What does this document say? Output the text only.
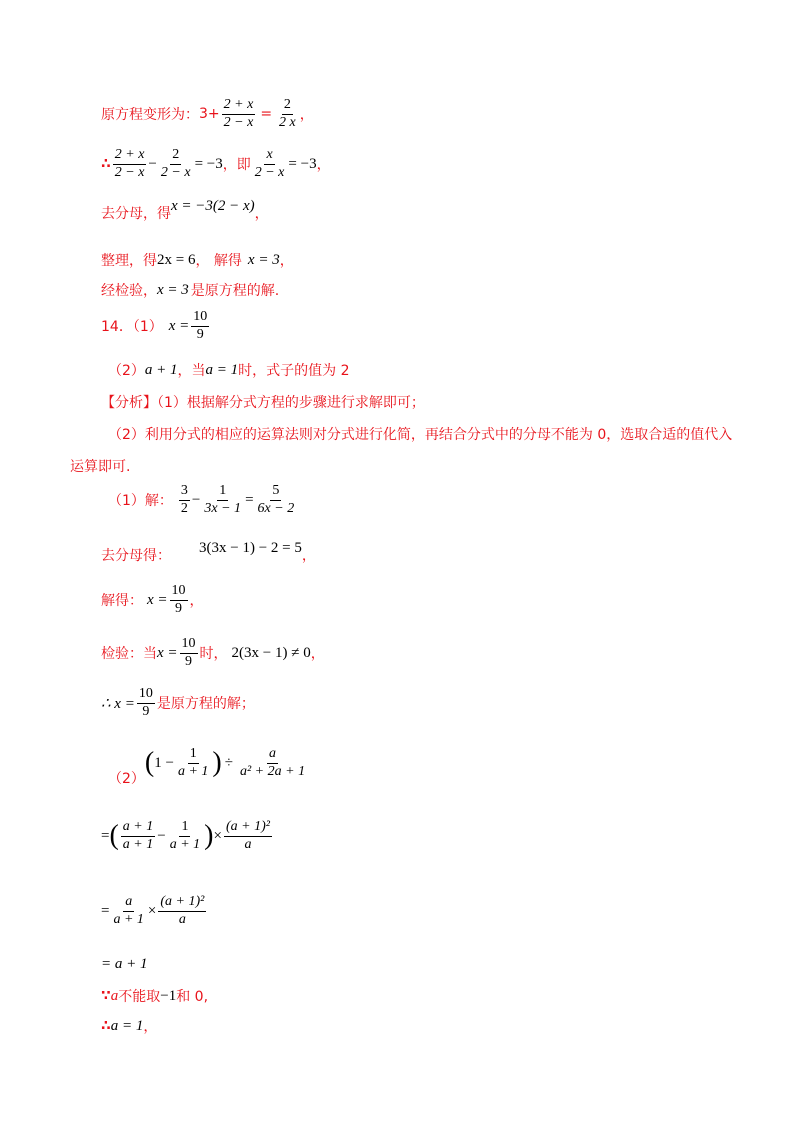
原方程变形为： $3+ \frac{2 + x}{2 - x} = \frac{2}{2 x}$ ，
∴ $\frac{2 + x}{2 - x} - \frac{2}{2 - x} = -3$ ，即 $\frac{x}{2 - x} = -3$ ，
去分母，得
x = −3(2 − x)
，
整理，得 2x = 6 ， 解得 x = 3 ，
经检验， x = 3 是原方程的解.
14．（1） $x = \frac{10}{9}$
（2） a + 1 ，当 a = 1 时，式子的值为 2
【分析】（1）根据解分式方程的步骤进行求解即可；
（2）利用分式的相应的运算法则对分式进行化简，再结合分式中的分母不能为 0，选取合适的值代入
运算即可.
（1）解： $\frac{3}{2} - \frac{1}{3x - 1} = \frac{5}{6x - 2}$
去分母得：
3(3x − 1) − 2 = 5
，
解得： $x = \frac{10}{9}$ ，
检验：当 $x = \frac{10}{9}$ 时， 2(3x − 1) ≠ 0 ，
∴ $x = \frac{10}{9}$ 是原方程的解；
（2）
( $1 - \frac{1}{a + 1}$ ) ÷ $\frac{a}{\text{a² + 2a + 1}}$
= ( $\frac{a + 1}{a + 1} - \frac{1}{a + 1}$ ) × $\frac{\text{(a + 1)²}}{a}$
= $\frac{a}{a + 1} \times \frac{\text{(a + 1)²}}{a}$
= a + 1
∵ a 不能取 −1 和 0,
∴ a = 1 ，
